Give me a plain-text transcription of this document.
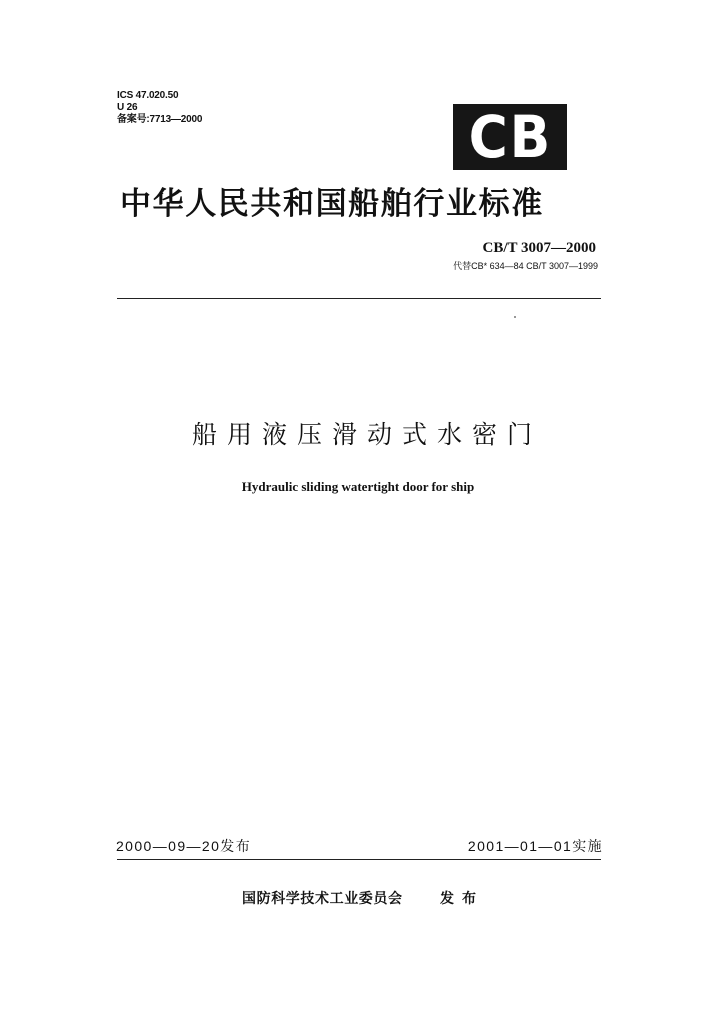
ICS 47.020.50
U 26
备案号:7713—2000	CB
中华人民共和国船舶行业标准
CB/T 3007—2000
代替CB* 634—84 CB/T 3007—1999
船用液压滑动式水密门
Hydraulic sliding watertight door for ship
2000—09—20发布	2001—01—01实施
国防科学技术工业委员会	发布
